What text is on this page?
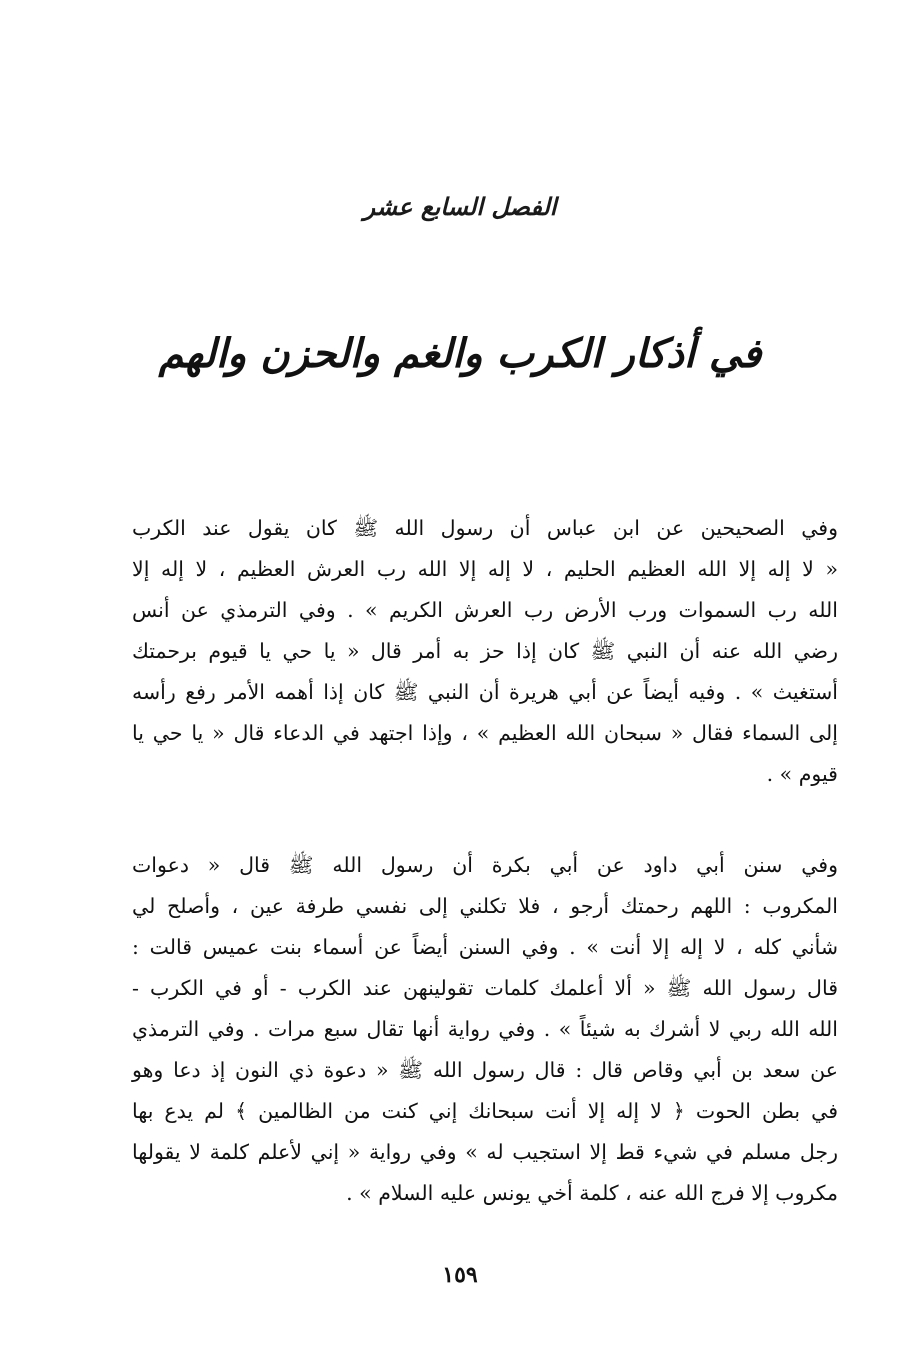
الفصل السابع عشر
في أذكار الكرب والغم والحزن والهم
وفي الصحيحين عن ابن عباس أن رسول الله ﷺ كان يقول عند الكرب
« لا إله إلا الله العظيم الحليم ، لا إله إلا الله رب العرش العظيم ، لا إله إلا
الله رب السموات ورب الأرض رب العرش الكريم » . وفي الترمذي عن أنس
رضي الله عنه أن النبي ﷺ كان إذا حز به أمر قال « يا حي يا قيوم برحمتك
أستغيث » . وفيه أيضاً عن أبي هريرة أن النبي ﷺ كان إذا أهمه الأمر رفع رأسه
إلى السماء فقال « سبحان الله العظيم » ، وإذا اجتهد في الدعاء قال « يا حي يا
قيوم » .
وفي سنن أبي داود عن أبي بكرة أن رسول الله ﷺ قال « دعوات
المكروب : اللهم رحمتك أرجو ، فلا تكلني إلى نفسي طرفة عين ، وأصلح لي
شأني كله ، لا إله إلا أنت » . وفي السنن أيضاً عن أسماء بنت عميس قالت :
قال رسول الله ﷺ « ألا أعلمك كلمات تقولينهن عند الكرب - أو في الكرب -
الله الله ربي لا أشرك به شيئاً » . وفي رواية أنها تقال سبع مرات . وفي الترمذي
عن سعد بن أبي وقاص قال : قال رسول الله ﷺ « دعوة ذي النون إذ دعا وهو
في بطن الحوت ﴿ لا إله إلا أنت سبحانك إني كنت من الظالمين ﴾ لم يدع بها
رجل مسلم في شيء قط إلا استجيب له » وفي رواية « إني لأعلم كلمة لا يقولها
مكروب إلا فرج الله عنه ، كلمة أخي يونس عليه السلام » .
١٥٩
